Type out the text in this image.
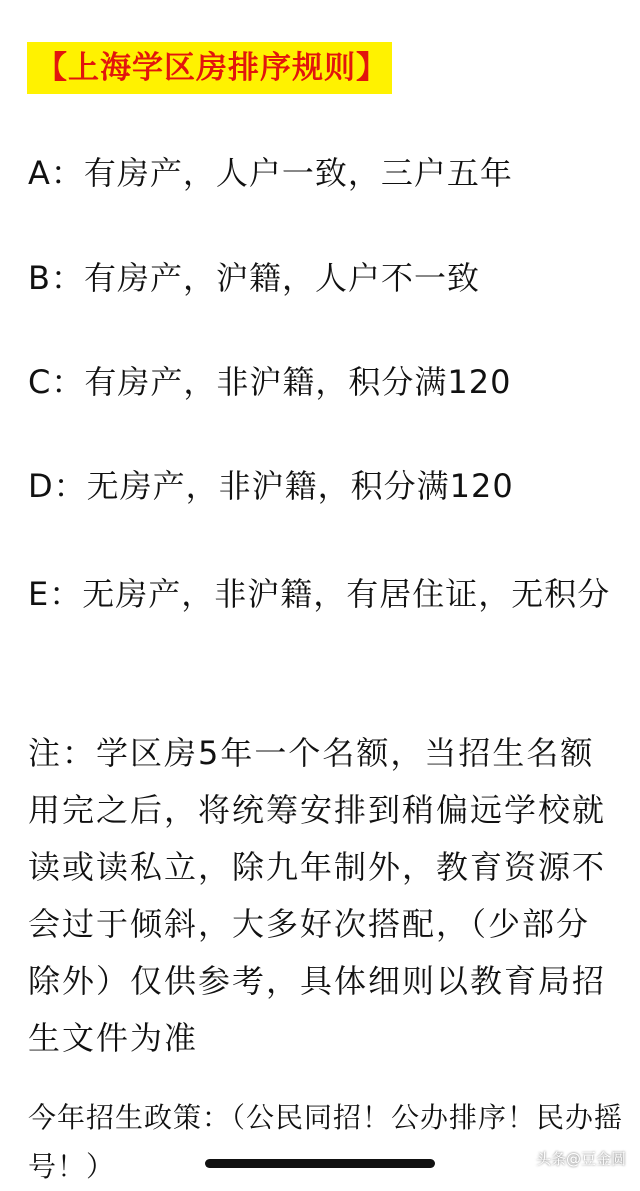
【上海学区房排序规则】

A：有房产，人户一致，三户五年

B：有房产，沪籍，人户不一致

C：有房产，非沪籍，积分满120

D：无房产，非沪籍，积分满120

E：无房产，非沪籍，有居住证，无积分

注：学区房5年一个名额，当招生名额用完之后，将统筹安排到稍偏远学校就读或读私立，除九年制外，教育资源不会过于倾斜，大多好次搭配，（少部分除外）仅供参考，具体细则以教育局招生文件为准

今年招生政策：（公民同招！公办排序！民办摇号！）	头条@豆金圆
